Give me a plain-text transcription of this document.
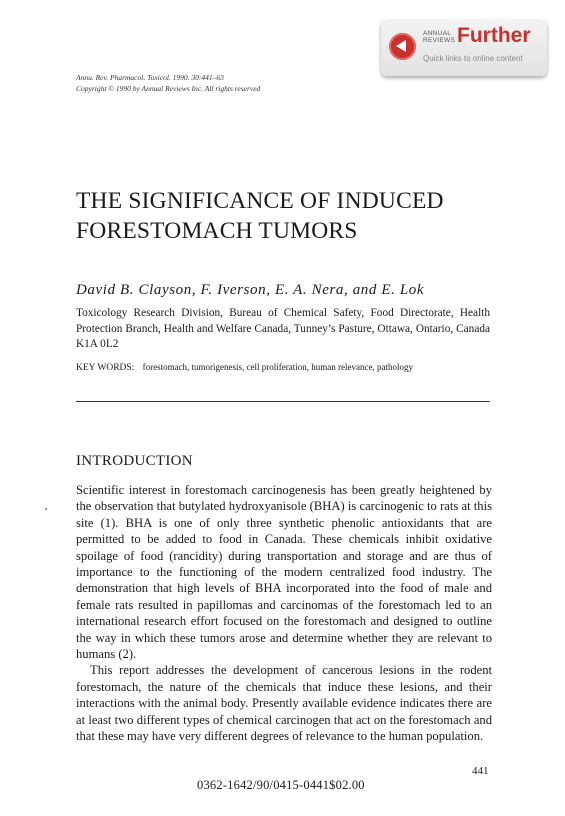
ANNUAL REVIEWS Further
Quick links to online content
Annu. Rev. Pharmacol. Toxicol. 1990. 30:441–63
Copyright © 1990 by Annual Reviews Inc. All rights reserved
THE SIGNIFICANCE OF INDUCED
FORESTOMACH TUMORS
David B. Clayson, F. Iverson, E. A. Nera, and E. Lok
Toxicology Research Division, Bureau of Chemical Safety, Food Directorate, Health Protection Branch, Health and Welfare Canada, Tunney’s Pasture, Ottawa, Ontario, Canada K1A 0L2
KEY WORDS: forestomach, tumorigenesis, cell proliferation, human relevance, pathology
INTRODUCTION

Scientific interest in forestomach carcinogenesis has been greatly heightened by the observation that butylated hydroxyanisole (BHA) is carcinogenic to rats at this site (1). BHA is one of only three synthetic phenolic antioxidants that are permitted to be added to food in Canada. These chemicals inhibit oxidative spoilage of food (rancidity) during transportation and storage and are thus of importance to the functioning of the modern centralized food industry. The demonstration that high levels of BHA incorporated into the food of male and female rats resulted in papillomas and carcinomas of the forestomach led to an international research effort focused on the forestomach and designed to outline the way in which these tumors arose and determine whether they are relevant to humans (2).

This report addresses the development of cancerous lesions in the rodent forestomach, the nature of the chemicals that induce these lesions, and their interactions with the animal body. Presently available evidence indicates there are at least two different types of chemical carcinogen that act on the forestomach and that these may have very different degrees of relevance to the human population.

441
0362-1642/90/0415-0441$02.00
